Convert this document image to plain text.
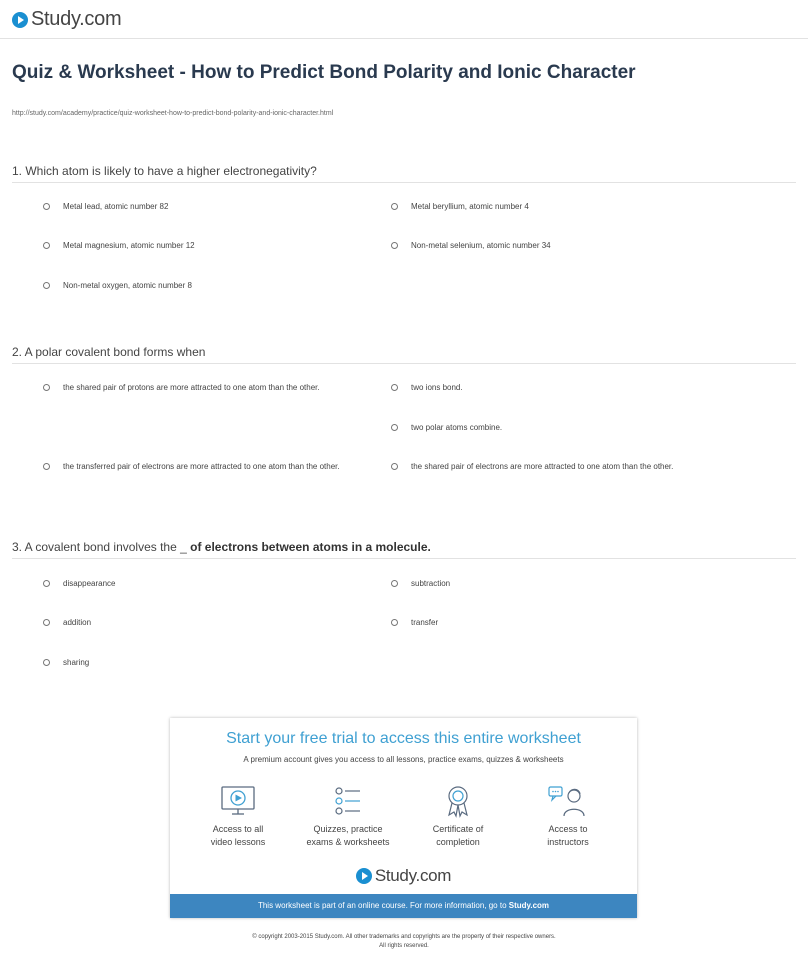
Study.com
Quiz & Worksheet - How to Predict Bond Polarity and Ionic Character
http://study.com/academy/practice/quiz-worksheet-how-to-predict-bond-polarity-and-ionic-character.html
1. Which atom is likely to have a higher electronegativity?
Metal lead, atomic number 82	Metal beryllium, atomic number 4
Metal magnesium, atomic number 12	Non-metal selenium, atomic number 34
Non-metal oxygen, atomic number 8
2. A polar covalent bond forms when
the shared pair of protons are more attracted to one atom than the other.	two ions bond.
two polar atoms combine.
the transferred pair of electrons are more attracted to one atom than the other.	the shared pair of electrons are more attracted to one atom than the other.
3. A covalent bond involves the _ of electrons between atoms in a molecule.
disappearance	subtraction
addition	transfer
sharing
Start your free trial to access this entire worksheet
A premium account gives you access to all lessons, practice exams, quizzes & worksheets
Access to all
video lessons
Quizzes, practice
exams & worksheets
Certificate of
completion
Access to
instructors
Study.com
This worksheet is part of an online course. For more information, go to Study.com
© copyright 2003-2015 Study.com. All other trademarks and copyrights are the property of their respective owners.
All rights reserved.
